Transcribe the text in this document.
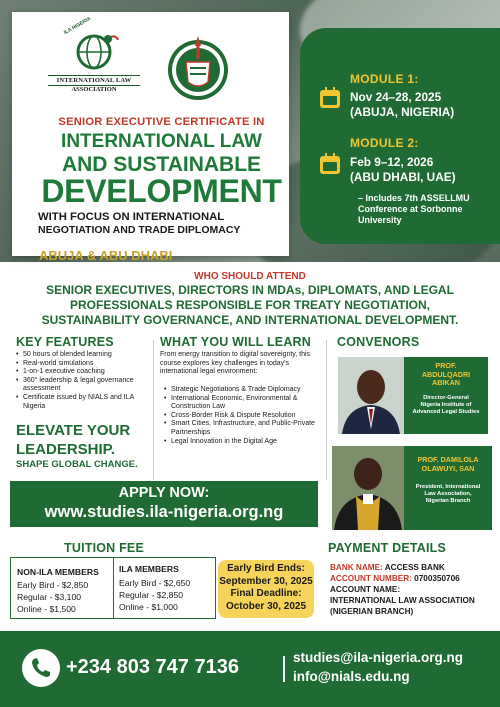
ILA NIGERIA
INTERNATIONAL LAW
ASSOCIATION
SENIOR EXECUTIVE CERTIFICATE IN
INTERNATIONAL LAW
AND SUSTAINABLE
DEVELOPMENT
WITH FOCUS ON INTERNATIONAL
NEGOTIATION AND TRADE DIPLOMACY
ABUJA & ABU DHABI
MODULE 1:
Nov 24–28, 2025
(ABUJA, NIGERIA)
MODULE 2:
Feb 9–12, 2026
(ABU DHABI, UAE)
– Includes 7th ASSELLMU
Conference at Sorbonne
University
WHO SHOULD ATTEND
SENIOR EXECUTIVES, DIRECTORS IN MDAs, DIPLOMATS, AND LEGAL
PROFESSIONALS RESPONSIBLE FOR TREATY NEGOTIATION,
SUSTAINABILITY GOVERNANCE, AND INTERNATIONAL DEVELOPMENT.
KEY FEATURES
• 50 hours of blended learning
• Real-world simulations
• 1-on-1 executive coaching
• 360° leadership & legal governance assessment
• Certificate issued by NIALS and ILA Nigeria
ELEVATE YOUR
LEADERSHIP.
SHAPE GLOBAL CHANGE.
WHAT YOU WILL LEARN
From energy transition to digital sovereignty, this course explores key challenges in today's international legal environment:
• Strategic Negotiations & Trade Diplomacy
• International Economic, Environmental & Construction Law
• Cross-Border Risk & Dispute Resolution
• Smart Cities, Infrastructure, and Public-Private Partnerships
• Legal Innovation in the Digital Age
CONVENORS
PROF.
ABDULQADRI
ABIKAN
Director-General
Nigeria Institute of
Advanced Legal Studies
PROF. DAMILOLA
OLAWUYI, SAN
President, International
Law Association,
Nigerian Branch
APPLY NOW:
www.studies.ila-nigeria.org.ng
TUITION FEE
NON-ILA MEMBERS
Early Bird - $2,850
Regular - $3,100
Online - $1,500
ILA MEMBERS
Early Bird - $2,650
Regular - $2,850
Online - $1,000
Early Bird Ends:
September 30, 2025
Final Deadline:
October 30, 2025
PAYMENT DETAILS
BANK NAME: ACCESS BANK
ACCOUNT NUMBER: 0700350706
ACCOUNT NAME:
INTERNATIONAL LAW ASSOCIATION
(NIGERIAN BRANCH)
+234 803 747 7136	studies@ila-nigeria.org.ng
info@nials.edu.ng
